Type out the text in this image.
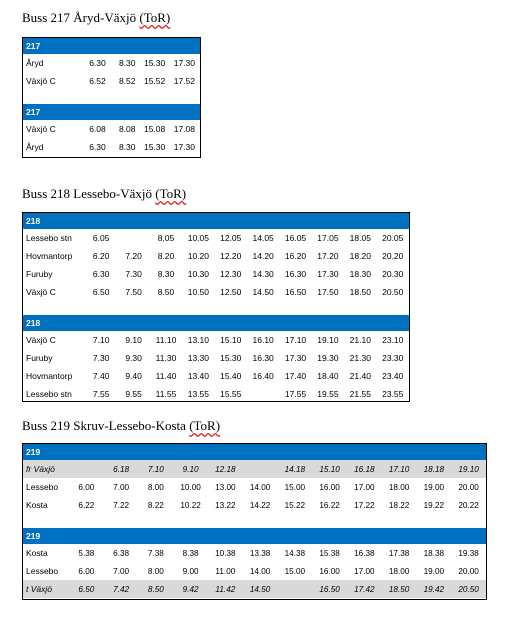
Buss 217 Åryd-Växjö (ToR)
217				
Åryd	6.30	8.30	15.30	17.30
Växjö C	6.52	8.52	15.52	17.52

217				
Växjö C	6.08	8.08	15.08	17.08
Åryd	6.30	8.30	15.30	17.30
Buss 218 Lessebo-Växjö (ToR)
218										
Lessebo stn	6.05		8.05	10.05	12.05	14.05	16.05	17.05	18.05	20.05
Hovmantorp	6.20	7.20	8.20	10.20	12.20	14.20	16.20	17.20	18.20	20.20
Furuby	6.30	7.30	8.30	10.30	12.30	14.30	16.30	17.30	18.30	20.30
Växjö C	6.50	7.50	8.50	10.50	12.50	14.50	16.50	17.50	18.50	20.50

218										
Växjö C	7.10	9.10	11.10	13.10	15.10	16.10	17.10	19.10	21.10	23.10
Furuby	7.30	9.30	11.30	13.30	15.30	16.30	17.30	19.30	21.30	23.30
Hovmantorp	7.40	9.40	11.40	13.40	15.40	16.40	17.40	18.40	21.40	23.40
Lessebo stn	7.55	9.55	11.55	13.55	15.55		17.55	19.55	21.55	23.55
Buss 219 Skruv-Lessebo-Kosta (ToR)
219												
fr Växjö		6.18	7.10	9.10	12.18		14.18	15.10	16.18	17.10	18.18	19.10
Lessebo	6.00	7.00	8.00	10.00	13.00	14.00	15.00	16.00	17.00	18.00	19.00	20.00
Kosta	6.22	7.22	8.22	10.22	13.22	14.22	15.22	16.22	17.22	18.22	19.22	20.22

219												
Kosta	5.38	6.38	7.38	8.38	10.38	13.38	14.38	15.38	16.38	17.38	18.38	19.38
Lessebo	6.00	7.00	8.00	9.00	11.00	14.00	15.00	16.00	17.00	18.00	19.00	20.00
t Växjö	6.50	7.42	8.50	9.42	11.42	14.50		16.50	17.42	18.50	19.42	20.50
